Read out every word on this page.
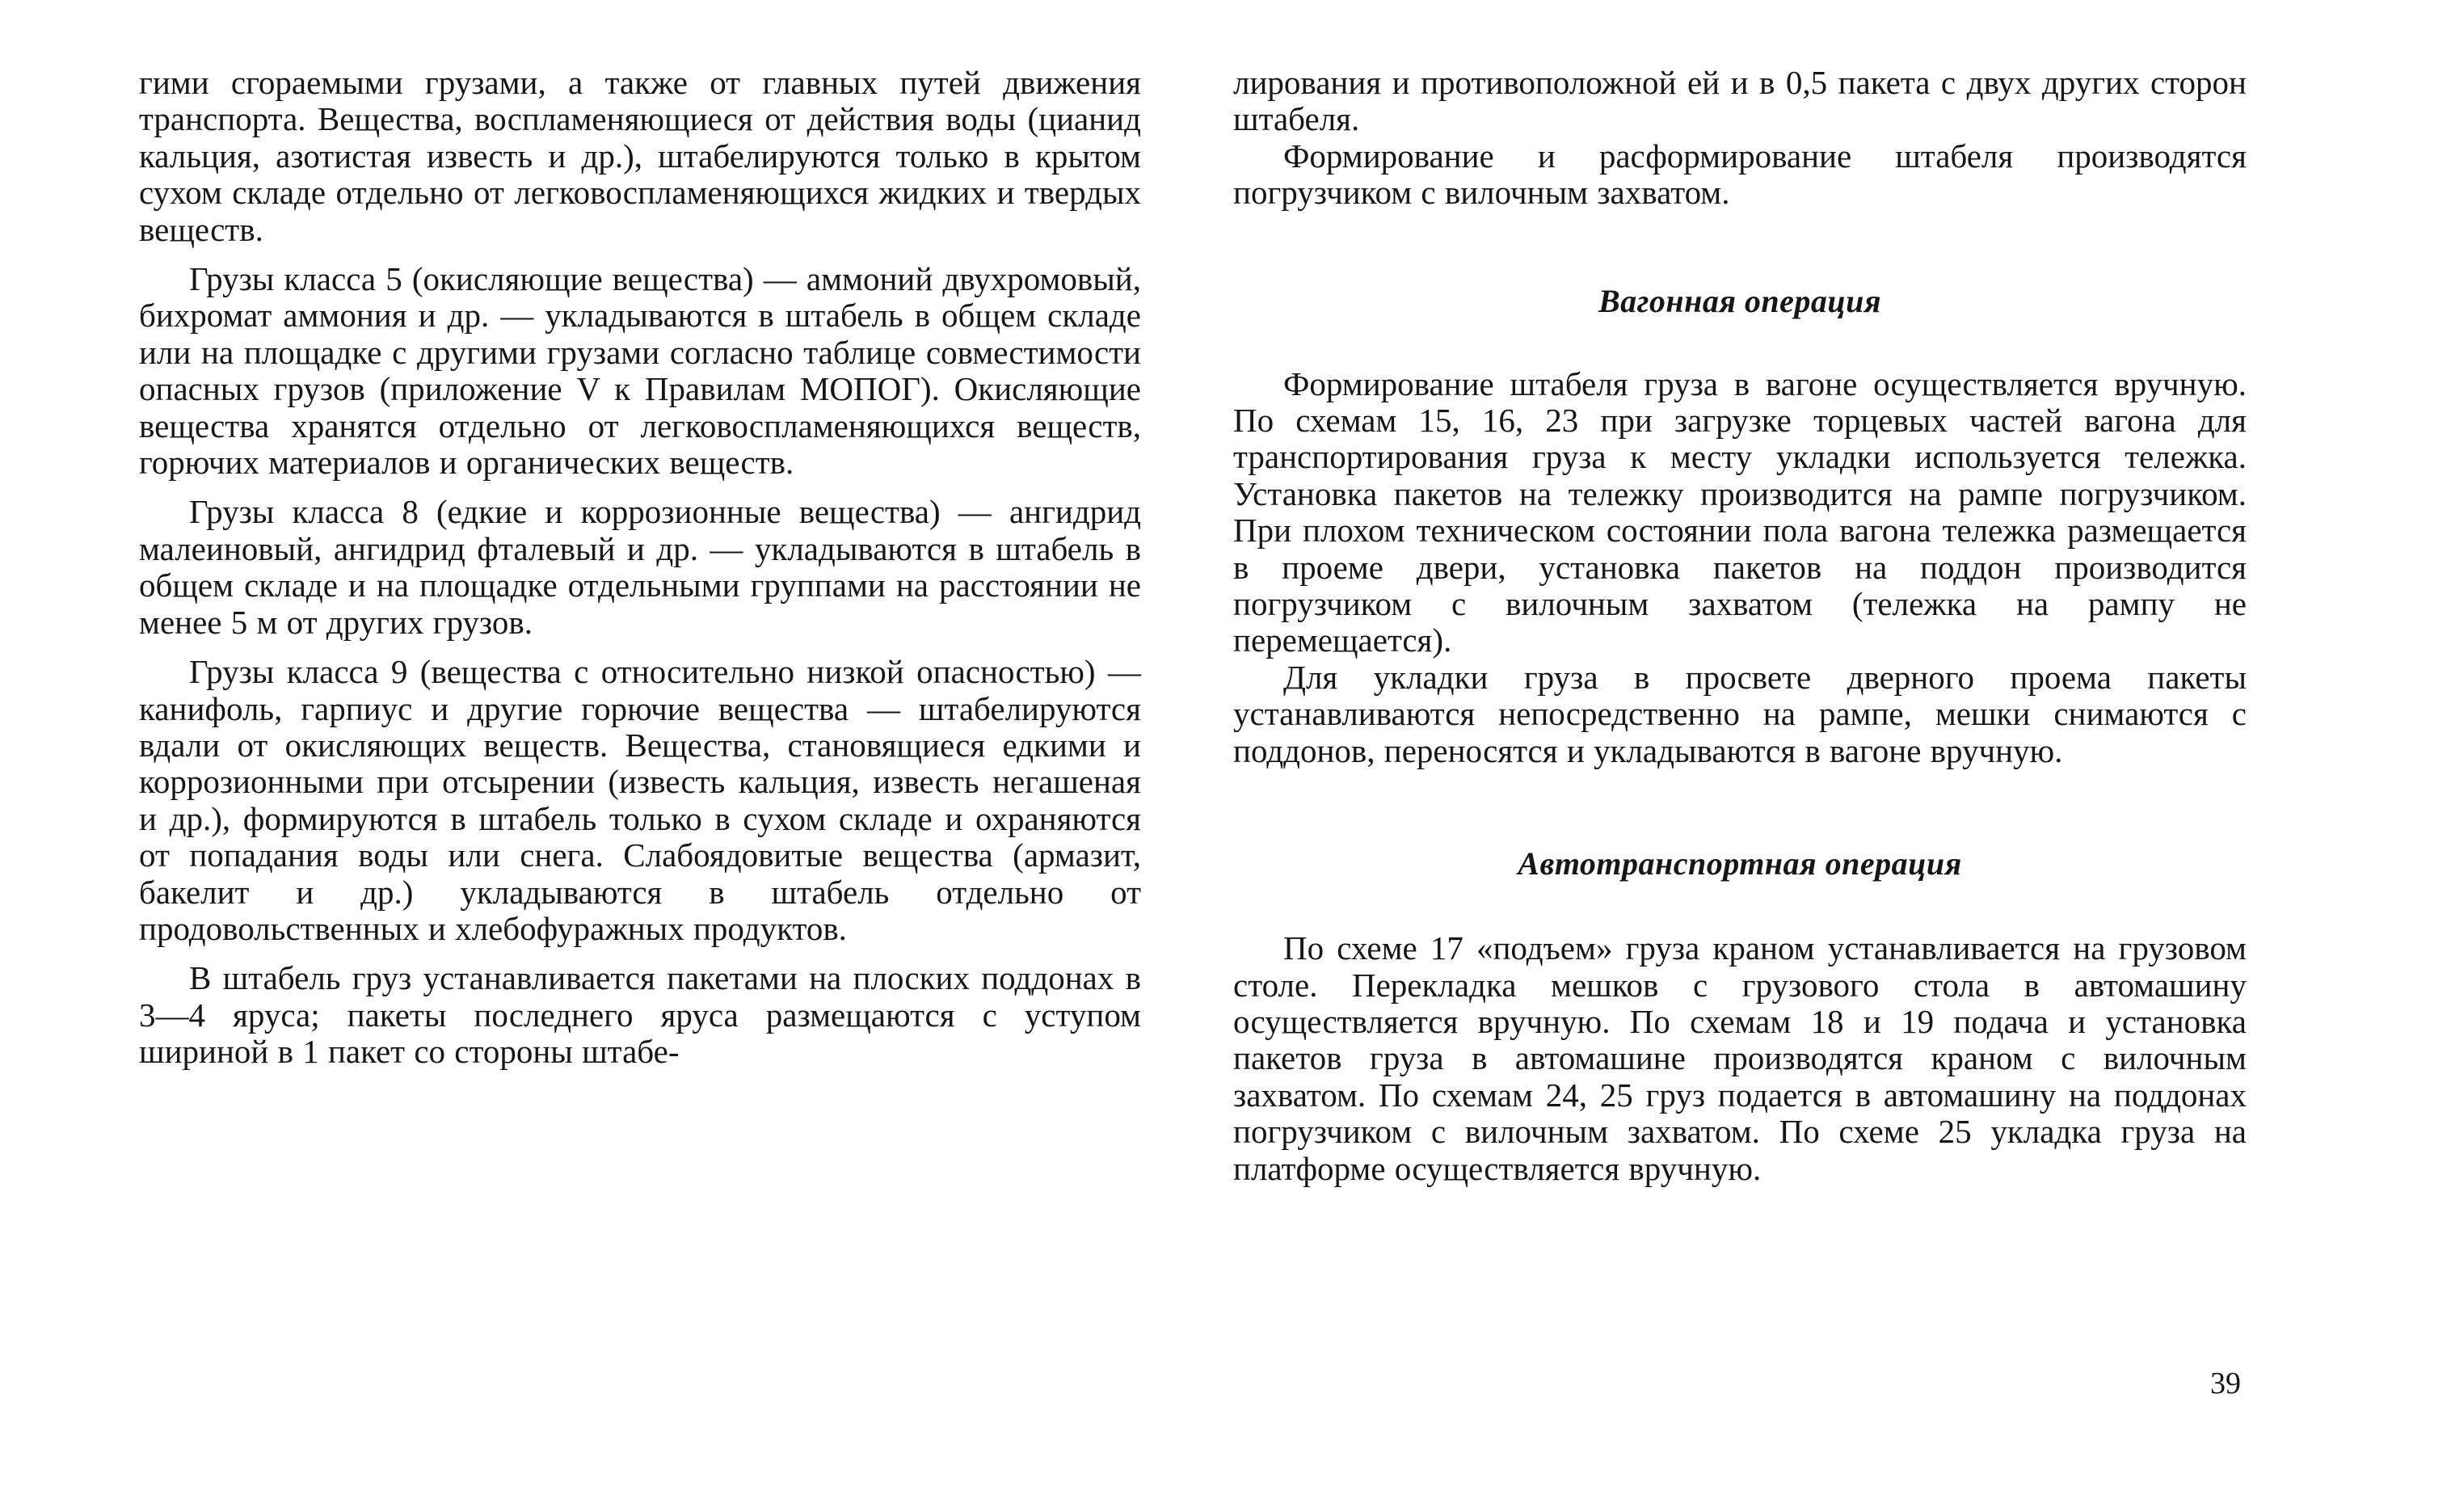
гими сгораемыми грузами, а также от главных путей движения транспорта. Вещества, воспламеняющиеся от действия воды (цианид кальция, азотистая известь и др.), штабелируются только в крытом сухом складе отдельно от легковоспламеняющихся жидких и твердых веществ.

Грузы класса 5 (окисляющие вещества) — аммоний двухромовый, бихромат аммония и др. — укладываются в штабель в общем складе или на площадке с другими грузами согласно таблице совместимости опасных грузов (приложение V к Правилам МОПОГ). Окисляющие вещества хранятся отдельно от легковоспламеняющихся веществ, горючих материалов и органических веществ.

Грузы класса 8 (едкие и коррозионные вещества) — ангидрид малеиновый, ангидрид фталевый и др. — укладываются в штабель в общем складе и на площадке отдельными группами на расстоянии не менее 5 м от других грузов.

Грузы класса 9 (вещества с относительно низкой опасностью) — канифоль, гарпиус и другие горючие вещества — штабелируются вдали от окисляющих веществ. Вещества, становящиеся едкими и коррозионными при отсырении (известь кальция, известь негашеная и др.), формируются в штабель только в сухом складе и охраняются от попадания воды или снега. Слабоядовитые вещества (армазит, бакелит и др.) укладываются в штабель отдельно от продовольственных и хлебофуражных продуктов.

В штабель груз устанавливается пакетами на плоских поддонах в 3—4 яруса; пакеты последнего яруса размещаются с уступом шириной в 1 пакет со стороны штабе-

лирования и противоположной ей и в 0,5 пакета с двух других сторон штабеля.

Формирование и расформирование штабеля производятся погрузчиком с вилочным захватом.

Вагонная операция

Формирование штабеля груза в вагоне осуществляется вручную. По схемам 15, 16, 23 при загрузке торцевых частей вагона для транспортирования груза к месту укладки используется тележка. Установка пакетов на тележку производится на рампе погрузчиком. При плохом техническом состоянии пола вагона тележка размещается в проеме двери, установка пакетов на поддон производится погрузчиком с вилочным захватом (тележка на рампу не перемещается).

Для укладки груза в просвете дверного проема пакеты устанавливаются непосредственно на рампе, мешки снимаются с поддонов, переносятся и укладываются в вагоне вручную.

Автотранспортная операция

По схеме 17 «подъем» груза краном устанавливается на грузовом столе. Перекладка мешков с грузового стола в автомашину осуществляется вручную. По схемам 18 и 19 подача и установка пакетов груза в автомашине производятся краном с вилочным захватом. По схемам 24, 25 груз подается в автомашину на поддонах погрузчиком с вилочным захватом. По схеме 25 укладка груза на платформе осуществляется вручную.

39
